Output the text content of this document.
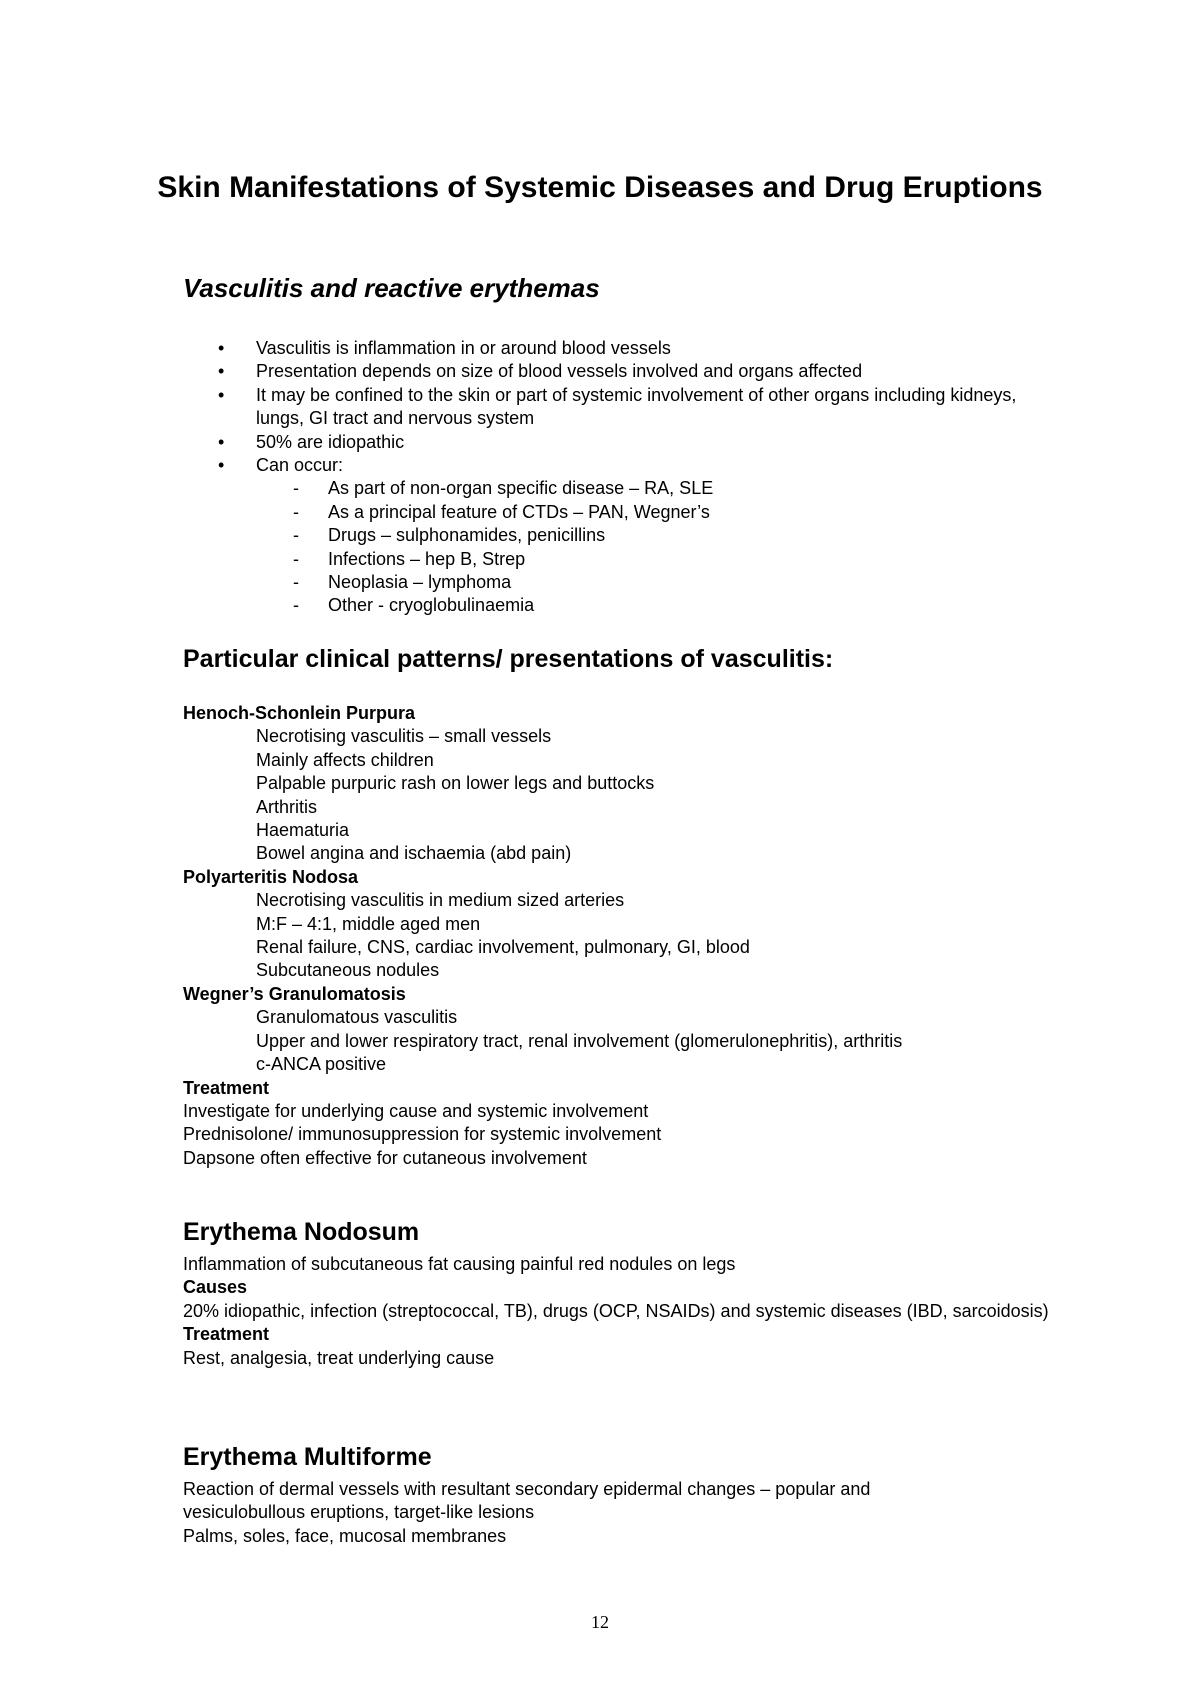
Skin Manifestations of Systemic Diseases and Drug Eruptions
Vasculitis and reactive erythemas
• Vasculitis is inflammation in or around blood vessels
• Presentation depends on size of blood vessels involved and organs affected
• It may be confined to the skin or part of systemic involvement of other organs including kidneys, lungs, GI tract and nervous system
• 50% are idiopathic
• Can occur:
- As part of non-organ specific disease – RA, SLE
- As a principal feature of CTDs – PAN, Wegner’s
- Drugs – sulphonamides, penicillins
- Infections – hep B, Strep
- Neoplasia – lymphoma
- Other - cryoglobulinaemia
Particular clinical patterns/ presentations of vasculitis:
Henoch-Schonlein Purpura
Necrotising vasculitis – small vessels
Mainly affects children
Palpable purpuric rash on lower legs and buttocks
Arthritis
Haematuria
Bowel angina and ischaemia (abd pain)
Polyarteritis Nodosa
Necrotising vasculitis in medium sized arteries
M:F – 4:1, middle aged men
Renal failure, CNS, cardiac involvement, pulmonary, GI, blood
Subcutaneous nodules
Wegner’s Granulomatosis
Granulomatous vasculitis
Upper and lower respiratory tract, renal involvement (glomerulonephritis), arthritis
c-ANCA positive
Treatment
Investigate for underlying cause and systemic involvement
Prednisolone/ immunosuppression for systemic involvement
Dapsone often effective for cutaneous involvement
Erythema Nodosum
Inflammation of subcutaneous fat causing painful red nodules on legs
Causes
20% idiopathic, infection (streptococcal, TB), drugs (OCP, NSAIDs) and systemic diseases (IBD, sarcoidosis)
Treatment
Rest, analgesia, treat underlying cause
Erythema Multiforme
Reaction of dermal vessels with resultant secondary epidermal changes – popular and vesiculobullous eruptions, target-like lesions
Palms, soles, face, mucosal membranes
12
